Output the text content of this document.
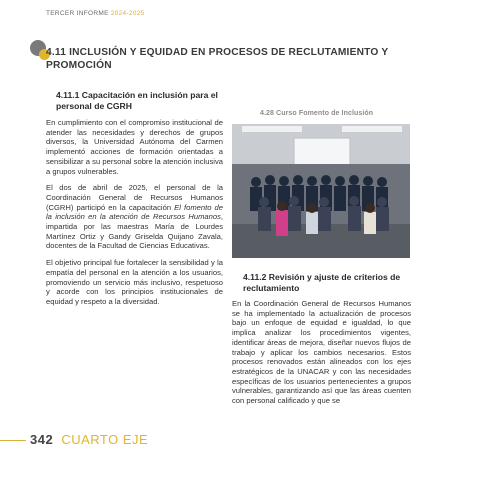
TERCER INFORME 2024-2025
4.11 INCLUSIÓN Y EQUIDAD EN PROCESOS DE RECLUTAMIENTO Y PROMOCIÓN
4.11.1 Capacitación en inclusión para el personal de CGRH

En cumplimiento con el compromiso institucional de atender las necesidades y derechos de grupos diversos, la Universidad Autónoma del Carmen implementó acciones de formación orientadas a sensibilizar a su personal sobre la atención inclusiva a grupos vulnerables.

El dos de abril de 2025, el personal de la Coordinación General de Recursos Humanos (CGRH) participó en la capacitación El fomento de la inclusión en la atención de Recursos Humanos, impartida por las maestras María de Lourdes Martínez Ortiz y Gandy Griselda Quijano Zavala, docentes de la Facultad de Ciencias Educativas.

El objetivo principal fue fortalecer la sensibilidad y la empatía del personal en la atención a los usuarios, promoviendo un servicio más inclusivo, respetuoso y acorde con los principios institucionales de equidad y respeto a la diversidad.

4.28 Curso Fomento de Inclusión
4.11.2 Revisión y ajuste de criterios de reclutamiento

En la Coordinación General de Recursos Humanos se ha implementado la actualización de procesos bajo un enfoque de equidad e igualdad, lo que implica analizar los procedimientos vigentes, identificar áreas de mejora, diseñar nuevos flujos de trabajo y aplicar los cambios necesarios. Estos procesos renovados están alineados con los ejes estratégicos de la UNACAR y con las necesidades específicas de los usuarios pertenecientes a grupos vulnerables, garantizando así que las áreas cuenten con personal calificado y que se

342 CUARTO EJE
